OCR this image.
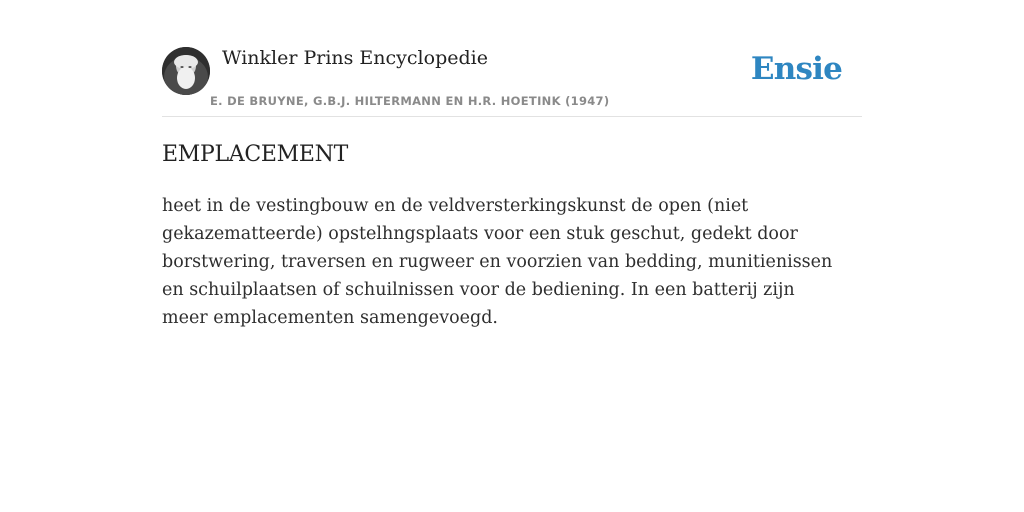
Winkler Prins Encyclopedie
E. DE BRUYNE, G.B.J. HILTERMANN EN H.R. HOETINK (1947)
Ensie
EMPLACEMENT

heet in de vestingbouw en de veldversterkingskunst de open (niet gekazematteerde) opstelhngsplaats voor een stuk geschut, gedekt door borstwering, traversen en rugweer en voorzien van bedding, munitienissen en schuilplaatsen of schuilnissen voor de bediening. In een batterij zijn meer emplacementen samengevoegd.
